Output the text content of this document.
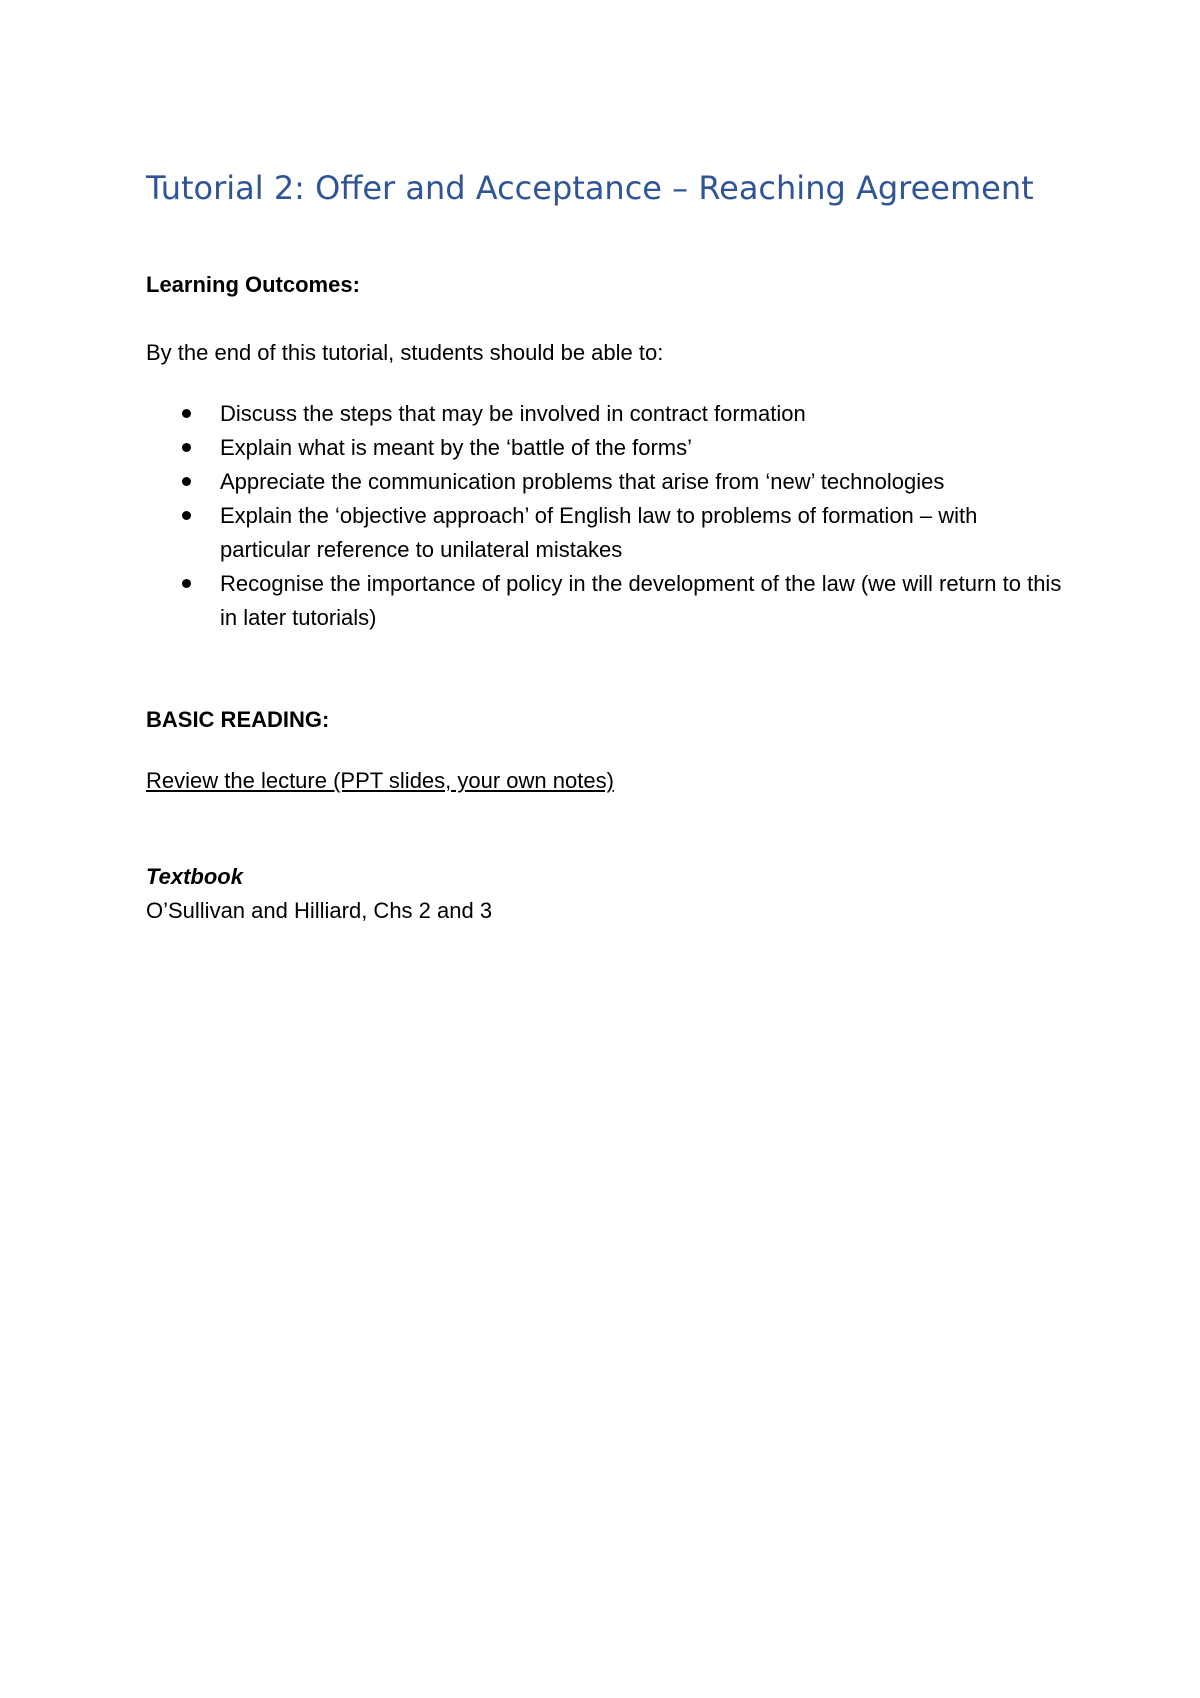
Tutorial 2: Offer and Acceptance – Reaching Agreement

Learning Outcomes:

By the end of this tutorial, students should be able to:

Discuss the steps that may be involved in contract formation
Explain what is meant by the ‘battle of the forms’
Appreciate the communication problems that arise from ‘new’ technologies
Explain the ‘objective approach’ of English law to problems of formation – with particular reference to unilateral mistakes
Recognise the importance of policy in the development of the law (we will return to this in later tutorials)

BASIC READING:

Review the lecture (PPT slides, your own notes)

Textbook

O’Sullivan and Hilliard, Chs 2 and 3
